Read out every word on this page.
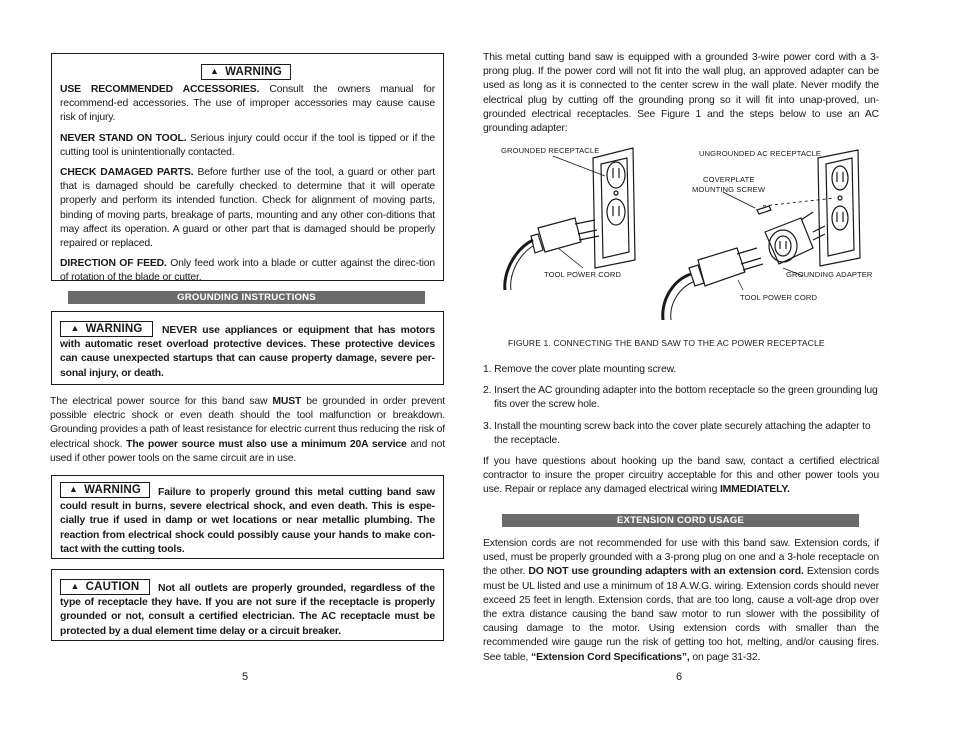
▲ WARNING

USE RECOMMENDED ACCESSORIES. Consult the owners manual for recommend-ed accessories. The use of improper accessories may cause cause risk of injury.

NEVER STAND ON TOOL. Serious injury could occur if the tool is tipped or if the cutting tool is unintentionally contacted.

CHECK DAMAGED PARTS. Before further use of the tool, a guard or other part that is damaged should be carefully checked to determine that it will operate properly and perform its intended function. Check for alignment of moving parts, binding of moving parts, breakage of parts, mounting and any other con-ditions that may affect its operation. A guard or other part that is damaged should be properly repaired or replaced.

DIRECTION OF FEED. Only feed work into a blade or cutter against the direc-tion of rotation of the blade or cutter.

GROUNDING INSTRUCTIONS
▲ WARNING	NEVER use appliances or equipment that has motors with automatic reset overload protective devices. These protective devices can cause unexpected startups that can cause property damage, severe per-sonal injury, or death.
The electrical power source for this band saw MUST be grounded in order prevent possible electric shock or even death should the tool malfunction or breakdown. Grounding provides a path of least resistance for electric current thus reducing the risk of electrical shock. The power source must also use a minimum 20A service and not used if other power tools on the same circuit are in use.
▲ WARNING	Failure to properly ground this metal cutting band saw could result in burns, severe electrical shock, and even death. This is espe-cially true if used in damp or wet locations or near metallic plumbing. The reaction from electrical shock could possibly cause your hands to make con-tact with the cutting tools.
▲ CAUTION	Not all outlets are properly grounded, regardless of the type of receptacle they have. If you are not sure if the receptacle is properly grounded or not, consult a certified electrician. The AC receptacle must be protected by a dual element time delay or a circuit breaker.
5
This metal cutting band saw is equipped with a grounded 3-wire power cord with a 3-prong plug. If the power cord will not fit into the wall plug, an approved adapter can be used as long as it is connected to the center screw in the wall plate. Never modify the electrical plug by cutting off the grounding prong so it will fit into unap-proved, un-grounded electrical receptacles. See Figure 1 and the steps below to use an AC grounding adapter:
GROUNDED RECEPTACLE	UNGROUNDED AC RECEPTACLE
COVERPLATE
MOUNTING SCREW
TOOL POWER CORD	GROUNDING ADAPTER
TOOL POWER CORD
FIGURE 1. CONNECTING THE BAND SAW TO THE AC POWER RECEPTACLE

1. Remove the cover plate mounting screw.

2. Insert the AC grounding adapter into the bottom receptacle so the green grounding lug fits over the screw hole.

3. Install the mounting screw back into the cover plate securely attaching the adapter to the receptacle.

If you have questions about hooking up the band saw, contact a certified electrical contractor to insure the proper circuitry acceptable for this and other power tools you use. Repair or replace any damaged electrical wiring IMMEDIATELY.
EXTENSION CORD USAGE
Extension cords are not recommended for use with this band saw. Extension cords, if used, must be properly grounded with a 3-prong plug on one and a 3-hole receptacle on the other. DO NOT use grounding adapters with an extension cord. Extension cords must be UL listed and use a minimum of 18 A.W.G. wiring. Extension cords should never exceed 25 feet in length. Extension cords, that are too long, cause a volt-age drop over the extra distance causing the band saw motor to run slower with the possibility of causing damage to the motor. Using extension cords with smaller than the recommended wire gauge run the risk of getting too hot, melting, and/or causing fires. See table, “Extension Cord Specifications”, on page 31-32.
6
